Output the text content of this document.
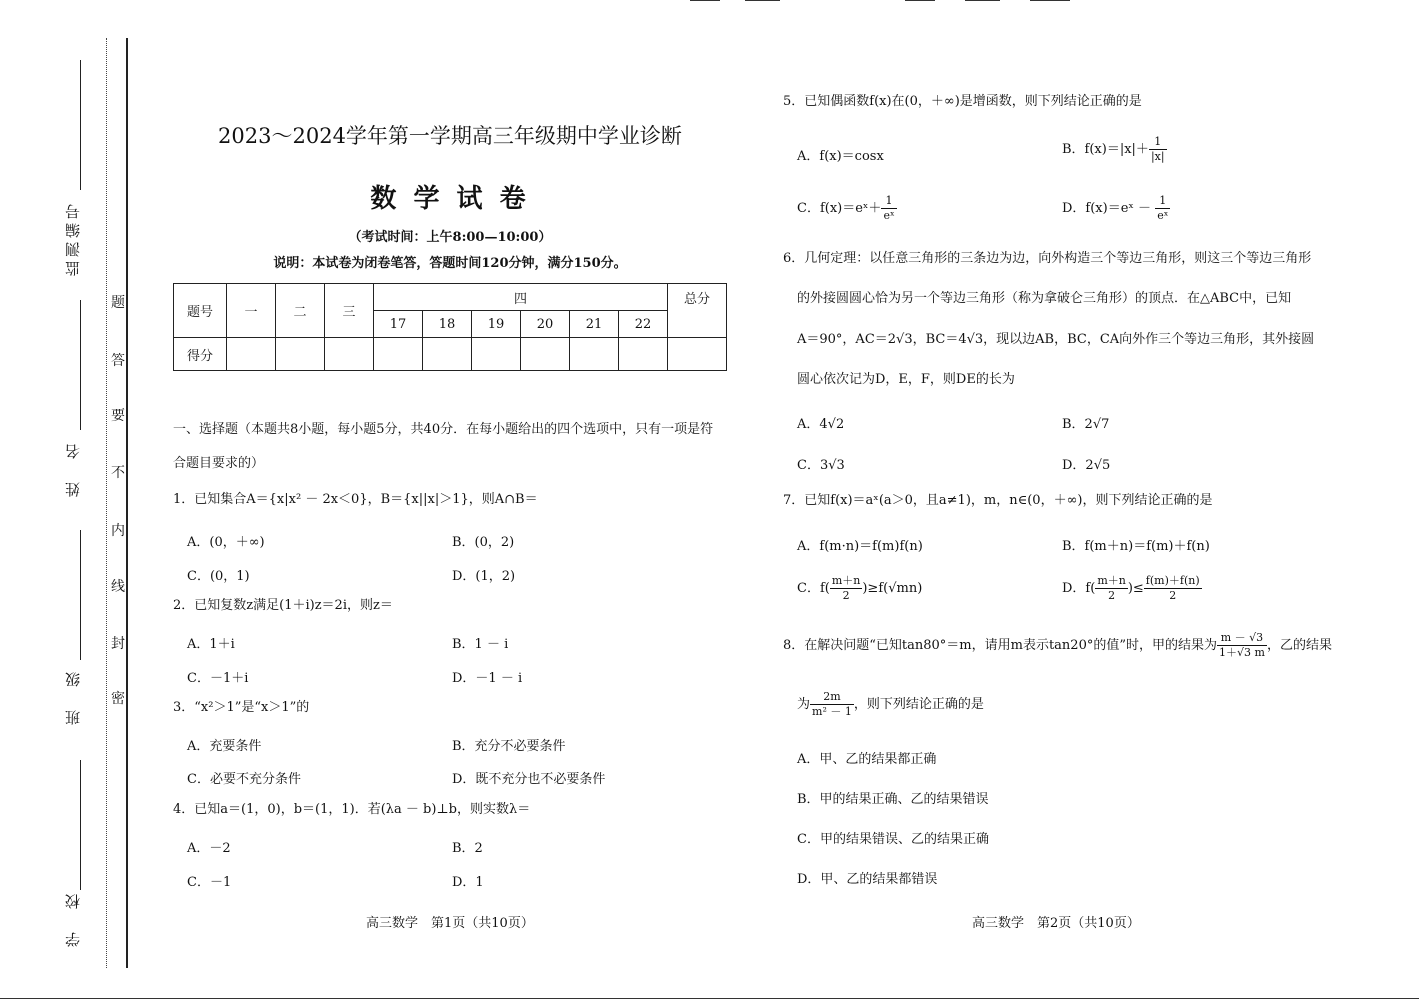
监测编号
姓　名
班　级
学　校
题
答
要
不
内
线
封
密
2023～2024学年第一学期高三年级期中学业诊断
数 学 试 卷
（考试时间：上午8:00—10:00）
说明：本试卷为闭卷笔答，答题时间120分钟，满分150分。
题号	一	二	三	四						总分
				17	18	19	20	21	22	
得分										
一、选择题（本题共8小题，每小题5分，共40分．在每小题给出的四个选项中，只有一项是符
合题目要求的）
1．已知集合A＝{x|x² － 2x＜0}，B＝{x||x|＞1}，则A∩B＝
A．(0，＋∞)	B．(0，2)
C．(0，1)	D．(1，2)
2．已知复数z满足(1＋i)z＝2i，则z＝
A．1＋i	B．1 － i
C．－1＋i	D．－1 － i
3．“x²＞1”是“x＞1”的
A．充要条件	B．充分不必要条件
C．必要不充分条件	D．既不充分也不必要条件
4．已知a＝(1，0)，b＝(1，1)．若(λa － b)⊥b，则实数λ＝
A．－2	B．2
C．－1	D．1
高三数学　第1页（共10页）
5．已知偶函数f(x)在(0，＋∞)是增函数，则下列结论正确的是
A．f(x)＝cosx	B．$f(x)=|x|+ \frac{1}{|x|}$
C．f(x)＝eˣ＋ $\frac{1}{\text{eˣ}}$	D．f(x)＝eˣ － $\frac{1}{\text{eˣ}}$
6．几何定理：以任意三角形的三条边为边，向外构造三个等边三角形，则这三个等边三角形
的外接圆圆心恰为另一个等边三角形（称为拿破仑三角形）的顶点．在△ABC中，已知
A＝90°，AC＝2√3，BC＝4√3，现以边AB，BC，CA向外作三个等边三角形，其外接圆
圆心依次记为D，E，F，则DE的长为
A．4√2	B．2√7
C．3√3	D．2√5
7．已知f(x)＝aˣ(a＞0，且a≠1)，m，n∈(0，＋∞)，则下列结论正确的是
A．f(m·n)＝f(m)f(n)	B．f(m＋n)＝f(m)＋f(n)
C．$f( \frac{m+n}{2} )\ge f(√mn)$	D．$f( \frac{m+n}{2}$ )≤ $\frac{f(m)+f(n)}{2}$
8．在解决问题“已知tan80°＝m，请用m表示tan20°的值”时，甲的结果为 $\frac{m - √3}{1+√3 m}$ ，乙的结果
为 $\frac{2m}{\text{m² － 1}}$ ，则下列结论正确的是
A．甲、乙的结果都正确
B．甲的结果正确、乙的结果错误
C．甲的结果错误、乙的结果正确
D．甲、乙的结果都错误
高三数学　第2页（共10页）
